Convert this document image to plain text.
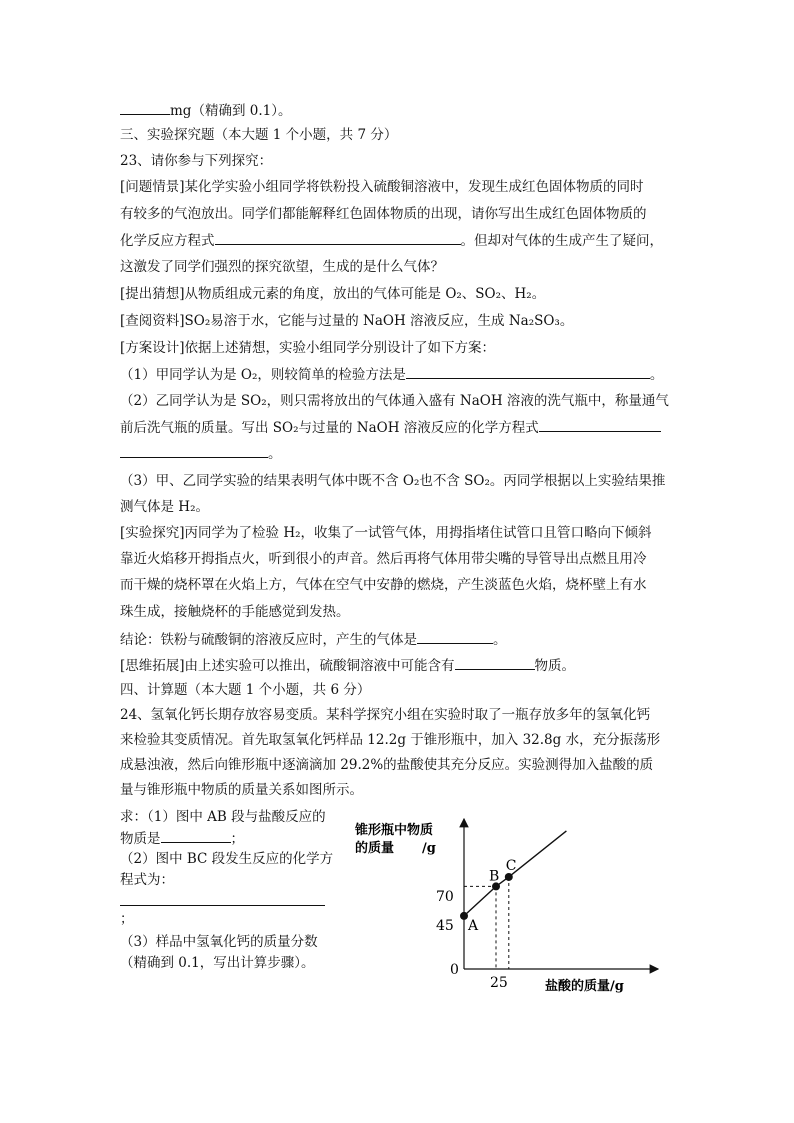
mg（精确到 0.1）。
三、实验探究题（本大题 1 个小题，共 7 分）
23、请你参与下列探究：
[问题情景]某化学实验小组同学将铁粉投入硫酸铜溶液中，发现生成红色固体物质的同时
有较多的气泡放出。同学们都能解释红色固体物质的出现，请你写出生成红色固体物质的
化学反应方程式	。但却对气体的生成产生了疑问，
这激发了同学们强烈的探究欲望，生成的是什么气体？
[提出猜想]从物质组成元素的角度，放出的气体可能是 O₂、SO₂、H₂。
[查阅资料]SO₂易溶于水，它能与过量的 NaOH 溶液反应，生成 Na₂SO₃。
[方案设计]依据上述猜想，实验小组同学分别设计了如下方案：
（1）甲同学认为是 O₂，则较简单的检验方法是	。
（2）乙同学认为是 SO₂，则只需将放出的气体通入盛有 NaOH 溶液的洗气瓶中，称量通气
前后洗气瓶的质量。写出 SO₂与过量的 NaOH 溶液反应的化学方程式
。
（3）甲、乙同学实验的结果表明气体中既不含 O₂也不含 SO₂。丙同学根据以上实验结果推
测气体是 H₂。
[实验探究]丙同学为了检验 H₂，收集了一试管气体，用拇指堵住试管口且管口略向下倾斜
靠近火焰移开拇指点火，听到很小的声音。然后再将气体用带尖嘴的导管导出点燃且用冷
而干燥的烧杯罩在火焰上方，气体在空气中安静的燃烧，产生淡蓝色火焰，烧杯壁上有水
珠生成，接触烧杯的手能感觉到发热。
结论：铁粉与硫酸铜的溶液反应时，产生的气体是	。
[思维拓展]由上述实验可以推出，硫酸铜溶液中可能含有	物质。
四、计算题（本大题 1 个小题，共 6 分）
24、氢氧化钙长期存放容易变质。某科学探究小组在实验时取了一瓶存放多年的氢氧化钙
来检验其变质情况。首先取氢氧化钙样品 12.2g 于锥形瓶中，加入 32.8g 水，充分振荡形
成悬浊液，然后向锥形瓶中逐滴滴加 29.2%的盐酸使其充分反应。实验测得加入盐酸的质
量与锥形瓶中物质的质量关系如图所示。
求：（1）图中 AB 段与盐酸反应的
物质是	；
（2）图中 BC 段发生反应的化学方
程式为：
；
（3）样品中氢氧化钙的质量分数
（精确到 0.1，写出计算步骤）。
锥形瓶中物质
的质量 /g
0
70
45
25	盐酸的质量/g
A
B
C
